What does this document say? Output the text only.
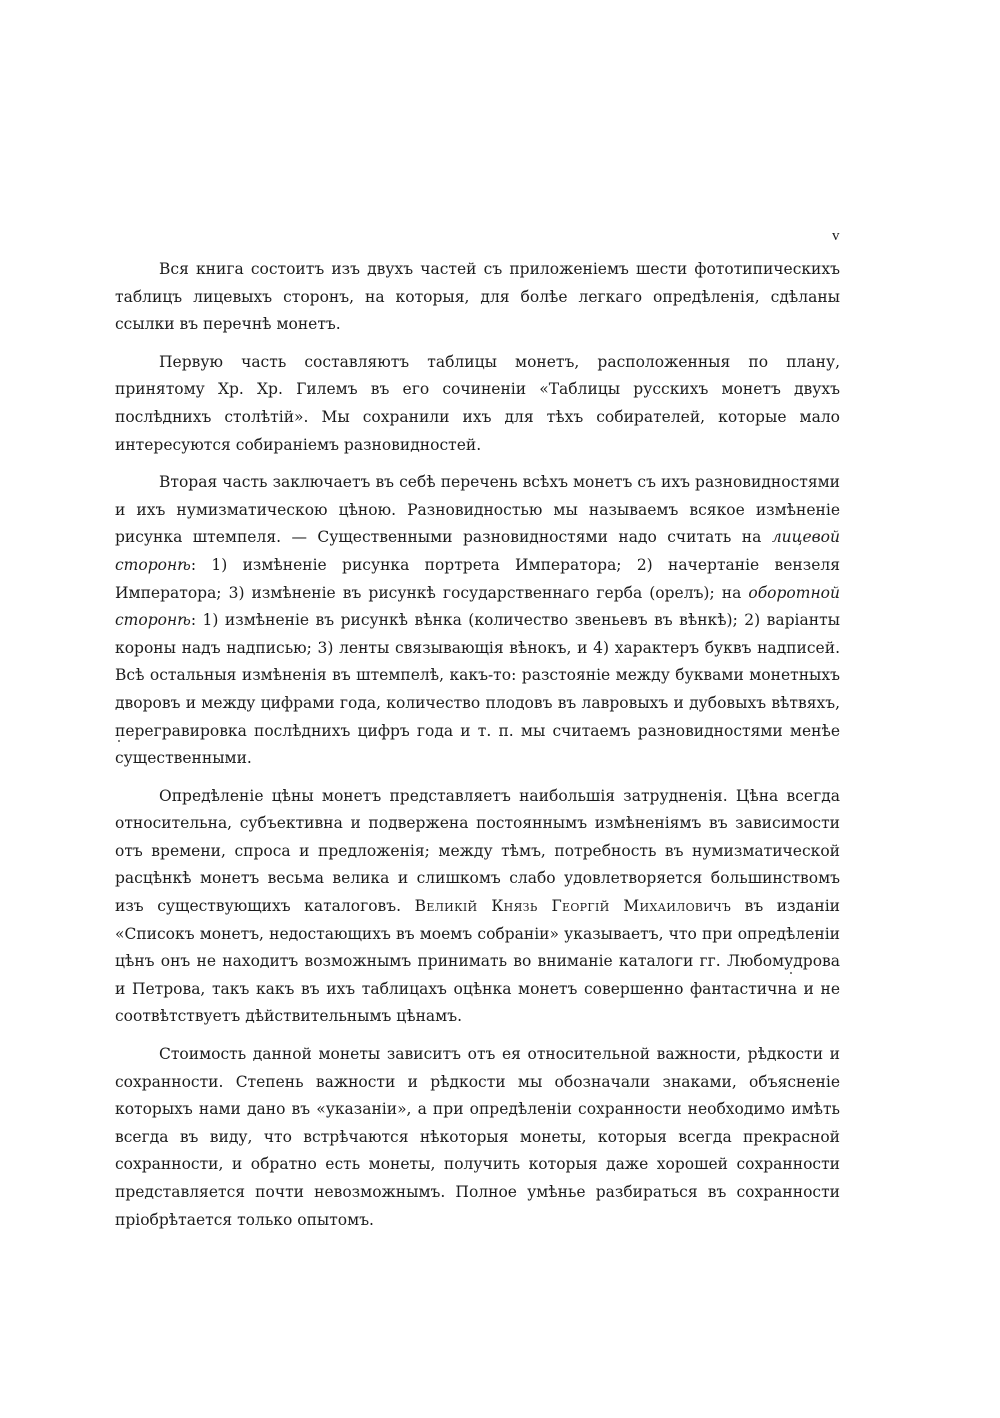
v

Вся книга состоитъ изъ двухъ частей съ приложеніемъ шести фототипическихъ таблицъ лицевыхъ сторонъ, на которыя, для болѣе легкаго опредѣленія, сдѣланы ссылки въ перечнѣ монетъ.

Первую часть составляютъ таблицы монетъ, расположенныя по плану, принятому Хр. Хр. Гилемъ въ его сочиненіи «Таблицы русскихъ монетъ двухъ послѣднихъ столѣтій». Мы сохранили ихъ для тѣхъ собирателей, которые мало интересуются собираніемъ разновидностей.

Вторая часть заключаетъ въ себѣ перечень всѣхъ монетъ съ ихъ разновидностями и ихъ нумизматическою цѣною. Разновидностью мы называемъ всякое измѣненіе рисунка штемпеля. — Существенными разновидностями надо считать на лицевой сторонѣ: 1) измѣненіе рисунка портрета Императора; 2) начертаніе вензеля Императора; 3) измѣненіе въ рисункѣ государственнаго герба (орелъ); на оборотной сторонѣ: 1) измѣненіе въ рисункѣ вѣнка (количество звеньевъ въ вѣнкѣ); 2) варіанты короны надъ надписью; 3) ленты связывающія вѣнокъ, и 4) характеръ буквъ надписей. Всѣ остальныя измѣненія въ штемпелѣ, какъ-то: разстояніе между буквами монетныхъ дворовъ и между цифрами года, количество плодовъ въ лавровыхъ и дубовыхъ вѣтвяхъ, перегравировка послѣднихъ цифръ года и т. п. мы считаемъ разновидностями менѣе существенными.

Опредѣленіе цѣны монетъ представляетъ наибольшія затрудненія. Цѣна всегда относительна, субъективна и подвержена постояннымъ измѣненіямъ въ зависимости отъ времени, спроса и предложенія; между тѣмъ, потребность въ нумизматической расцѣнкѣ монетъ весьма велика и слишкомъ слабо удовлетворяется большинствомъ изъ существующихъ каталоговъ. Великій Князь Георгій Михаиловичъ въ изданіи «Списокъ монетъ, недостающихъ въ моемъ собраніи» указываетъ, что при опредѣленіи цѣнъ онъ не находитъ возможнымъ принимать во вниманіе каталоги гг. Любомудрова и Петрова, такъ какъ въ ихъ таблицахъ оцѣнка монетъ совершенно фантастична и не соотвѣтствуетъ дѣйствительнымъ цѣнамъ.

Стоимость данной монеты зависитъ отъ ея относительной важности, рѣдкости и сохранности. Степень важности и рѣдкости мы обозначали знаками, объясненіе которыхъ нами дано въ «указаніи», а при опредѣленіи сохранности необходимо имѣть всегда въ виду, что встрѣчаются нѣкоторыя монеты, которыя всегда прекрасной сохранности, и обратно есть монеты, получить которыя даже хорошей сохранности представляется почти невозможнымъ. Полное умѣнье разбираться въ сохранности пріобрѣтается только опытомъ.
